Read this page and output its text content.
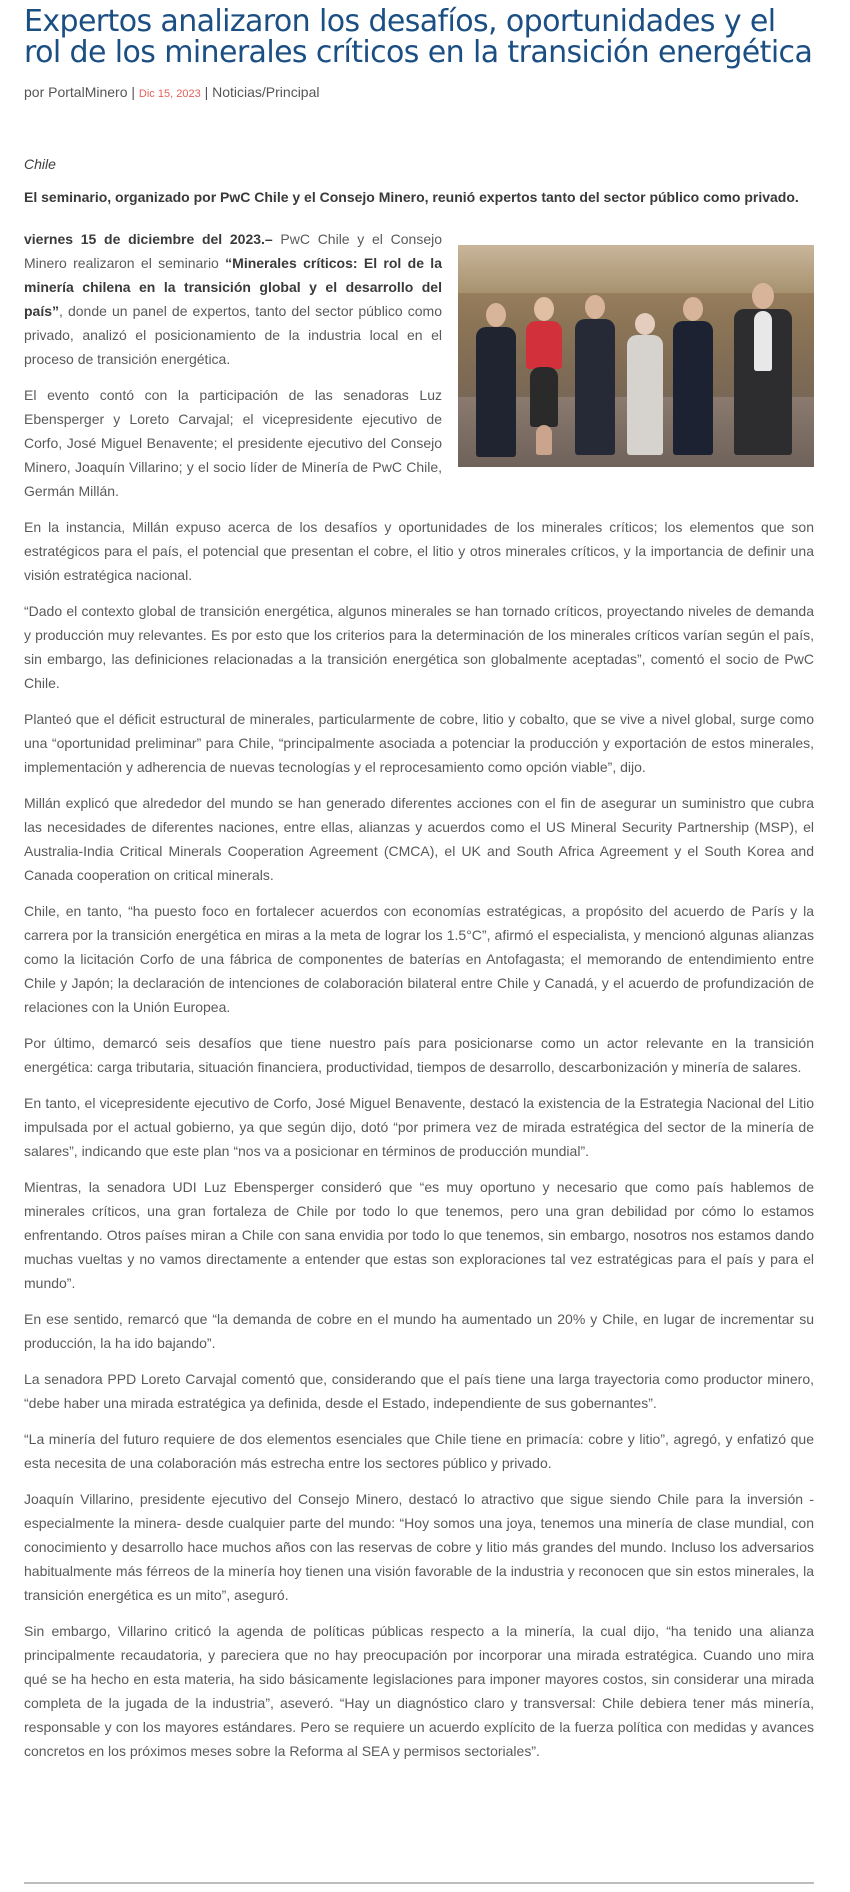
Expertos analizaron los desafíos, oportunidades y el rol de los minerales críticos en la transición energética
por PortalMinero | Dic 15, 2023 | Noticias/Principal
Chile
El seminario, organizado por PwC Chile y el Consejo Minero, reunió expertos tanto del sector público como privado.

viernes 15 de diciembre del 2023.– PwC Chile y el Consejo Minero realizaron el seminario “Minerales críticos: El rol de la minería chilena en la transición global y el desarrollo del país”, donde un panel de expertos, tanto del sector público como privado, analizó el posicionamiento de la industria local en el proceso de transición energética.

El evento contó con la participación de las senadoras Luz Ebensperger y Loreto Carvajal; el vicepresidente ejecutivo de Corfo, José Miguel Benavente; el presidente ejecutivo del Consejo Minero, Joaquín Villarino; y el socio líder de Minería de PwC Chile, Germán Millán.

En la instancia, Millán expuso acerca de los desafíos y oportunidades de los minerales críticos; los elementos que son estratégicos para el país, el potencial que presentan el cobre, el litio y otros minerales críticos, y la importancia de definir una visión estratégica nacional.

“Dado el contexto global de transición energética, algunos minerales se han tornado críticos, proyectando niveles de demanda y producción muy relevantes. Es por esto que los criterios para la determinación de los minerales críticos varían según el país, sin embargo, las definiciones relacionadas a la transición energética son globalmente aceptadas”, comentó el socio de PwC Chile.

Planteó que el déficit estructural de minerales, particularmente de cobre, litio y cobalto, que se vive a nivel global, surge como una “oportunidad preliminar” para Chile, “principalmente asociada a potenciar la producción y exportación de estos minerales, implementación y adherencia de nuevas tecnologías y el reprocesamiento como opción viable”, dijo.

Millán explicó que alrededor del mundo se han generado diferentes acciones con el fin de asegurar un suministro que cubra las necesidades de diferentes naciones, entre ellas, alianzas y acuerdos como el US Mineral Security Partnership (MSP), el Australia-India Critical Minerals Cooperation Agreement (CMCA), el UK and South Africa Agreement y el South Korea and Canada cooperation on critical minerals.

Chile, en tanto, “ha puesto foco en fortalecer acuerdos con economías estratégicas, a propósito del acuerdo de París y la carrera por la transición energética en miras a la meta de lograr los 1.5°C”, afirmó el especialista, y mencionó algunas alianzas como la licitación Corfo de una fábrica de componentes de baterías en Antofagasta; el memorando de entendimiento entre Chile y Japón; la declaración de intenciones de colaboración bilateral entre Chile y Canadá, y el acuerdo de profundización de relaciones con la Unión Europea.

Por último, demarcó seis desafíos que tiene nuestro país para posicionarse como un actor relevante en la transición energética: carga tributaria, situación financiera, productividad, tiempos de desarrollo, descarbonización y minería de salares.

En tanto, el vicepresidente ejecutivo de Corfo, José Miguel Benavente, destacó la existencia de la Estrategia Nacional del Litio impulsada por el actual gobierno, ya que según dijo, dotó “por primera vez de mirada estratégica del sector de la minería de salares”, indicando que este plan “nos va a posicionar en términos de producción mundial”.

Mientras, la senadora UDI Luz Ebensperger consideró que “es muy oportuno y necesario que como país hablemos de minerales críticos, una gran fortaleza de Chile por todo lo que tenemos, pero una gran debilidad por cómo lo estamos enfrentando. Otros países miran a Chile con sana envidia por todo lo que tenemos, sin embargo, nosotros nos estamos dando muchas vueltas y no vamos directamente a entender que estas son exploraciones tal vez estratégicas para el país y para el mundo”.

En ese sentido, remarcó que “la demanda de cobre en el mundo ha aumentado un 20% y Chile, en lugar de incrementar su producción, la ha ido bajando”.

La senadora PPD Loreto Carvajal comentó que, considerando que el país tiene una larga trayectoria como productor minero, “debe haber una mirada estratégica ya definida, desde el Estado, independiente de sus gobernantes”.

“La minería del futuro requiere de dos elementos esenciales que Chile tiene en primacía: cobre y litio”, agregó, y enfatizó que esta necesita de una colaboración más estrecha entre los sectores público y privado.

Joaquín Villarino, presidente ejecutivo del Consejo Minero, destacó lo atractivo que sigue siendo Chile para la inversión -especialmente la minera- desde cualquier parte del mundo: “Hoy somos una joya, tenemos una minería de clase mundial, con conocimiento y desarrollo hace muchos años con las reservas de cobre y litio más grandes del mundo. Incluso los adversarios habitualmente más férreos de la minería hoy tienen una visión favorable de la industria y reconocen que sin estos minerales, la transición energética es un mito”, aseguró.

Sin embargo, Villarino criticó la agenda de políticas públicas respecto a la minería, la cual dijo, “ha tenido una alianza principalmente recaudatoria, y pareciera que no hay preocupación por incorporar una mirada estratégica. Cuando uno mira qué se ha hecho en esta materia, ha sido básicamente legislaciones para imponer mayores costos, sin considerar una mirada completa de la jugada de la industria”, aseveró. “Hay un diagnóstico claro y transversal: Chile debiera tener más minería, responsable y con los mayores estándares. Pero se requiere un acuerdo explícito de la fuerza política con medidas y avances concretos en los próximos meses sobre la Reforma al SEA y permisos sectoriales”.
